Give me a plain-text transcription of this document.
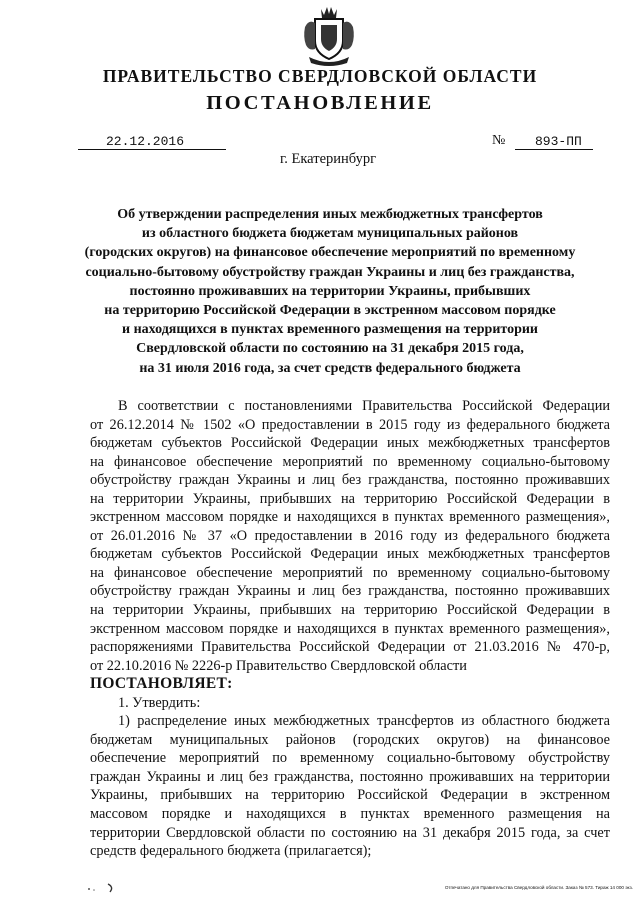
ПРАВИТЕЛЬСТВО СВЕРДЛОВСКОЙ ОБЛАСТИ
ПОСТАНОВЛЕНИЕ
22.12.2016	№	893-ПП
г. Екатеринбург
Об утверждении распределения иных межбюджетных трансфертов
из областного бюджета бюджетам муниципальных районов
(городских округов) на финансовое обеспечение мероприятий по временному
социально-бытовому обустройству граждан Украины и лиц без гражданства,
постоянно проживавших на территории Украины, прибывших
на территорию Российской Федерации в экстренном массовом порядке
и находящихся в пунктах временного размещения на территории
Свердловской области по состоянию на 31 декабря 2015 года,
на 31 июля 2016 года, за счет средств федерального бюджета
В соответствии с постановлениями Правительства Российской Федерации
от 26.12.2014 № 1502 «О предоставлении в 2015 году из федерального бюджета
бюджетам субъектов Российской Федерации иных межбюджетных трансфертов
на финансовое обеспечение мероприятий по временному социально-бытовому
обустройству граждан Украины и лиц без гражданства, постоянно проживавших
на территории Украины, прибывших на территорию Российской Федерации в
экстренном массовом порядке и находящихся в пунктах временного размещения»,
от 26.01.2016 № 37 «О предоставлении в 2016 году из федерального бюджета
бюджетам субъектов Российской Федерации иных межбюджетных трансфертов
на финансовое обеспечение мероприятий по временному социально-бытовому
обустройству граждан Украины и лиц без гражданства, постоянно проживавших
на территории Украины, прибывших на территорию Российской Федерации в
экстренном массовом порядке и находящихся в пунктах временного размещения»,
распоряжениями Правительства Российской Федерации от 21.03.2016 № 470-р,
от 22.10.2016 № 2226-р Правительство Свердловской области
ПОСТАНОВЛЯЕТ:
1. Утвердить:
1) распределение иных межбюджетных трансфертов из областного бюджета
бюджетам муниципальных районов (городских округов) на финансовое
обеспечение мероприятий по временному социально-бытовому обустройству
граждан Украины и лиц без гражданства, постоянно проживавших на территории
Украины, прибывших на территорию Российской Федерации в экстренном
массовом порядке и находящихся в пунктах временного размещения на
территории Свердловской области по состоянию на 31 декабря 2015 года, за счет
средств федерального бюджета (прилагается);
Отпечатано для Правительства Свердловской области. Заказ № 573. Тираж 14 000 экз.
